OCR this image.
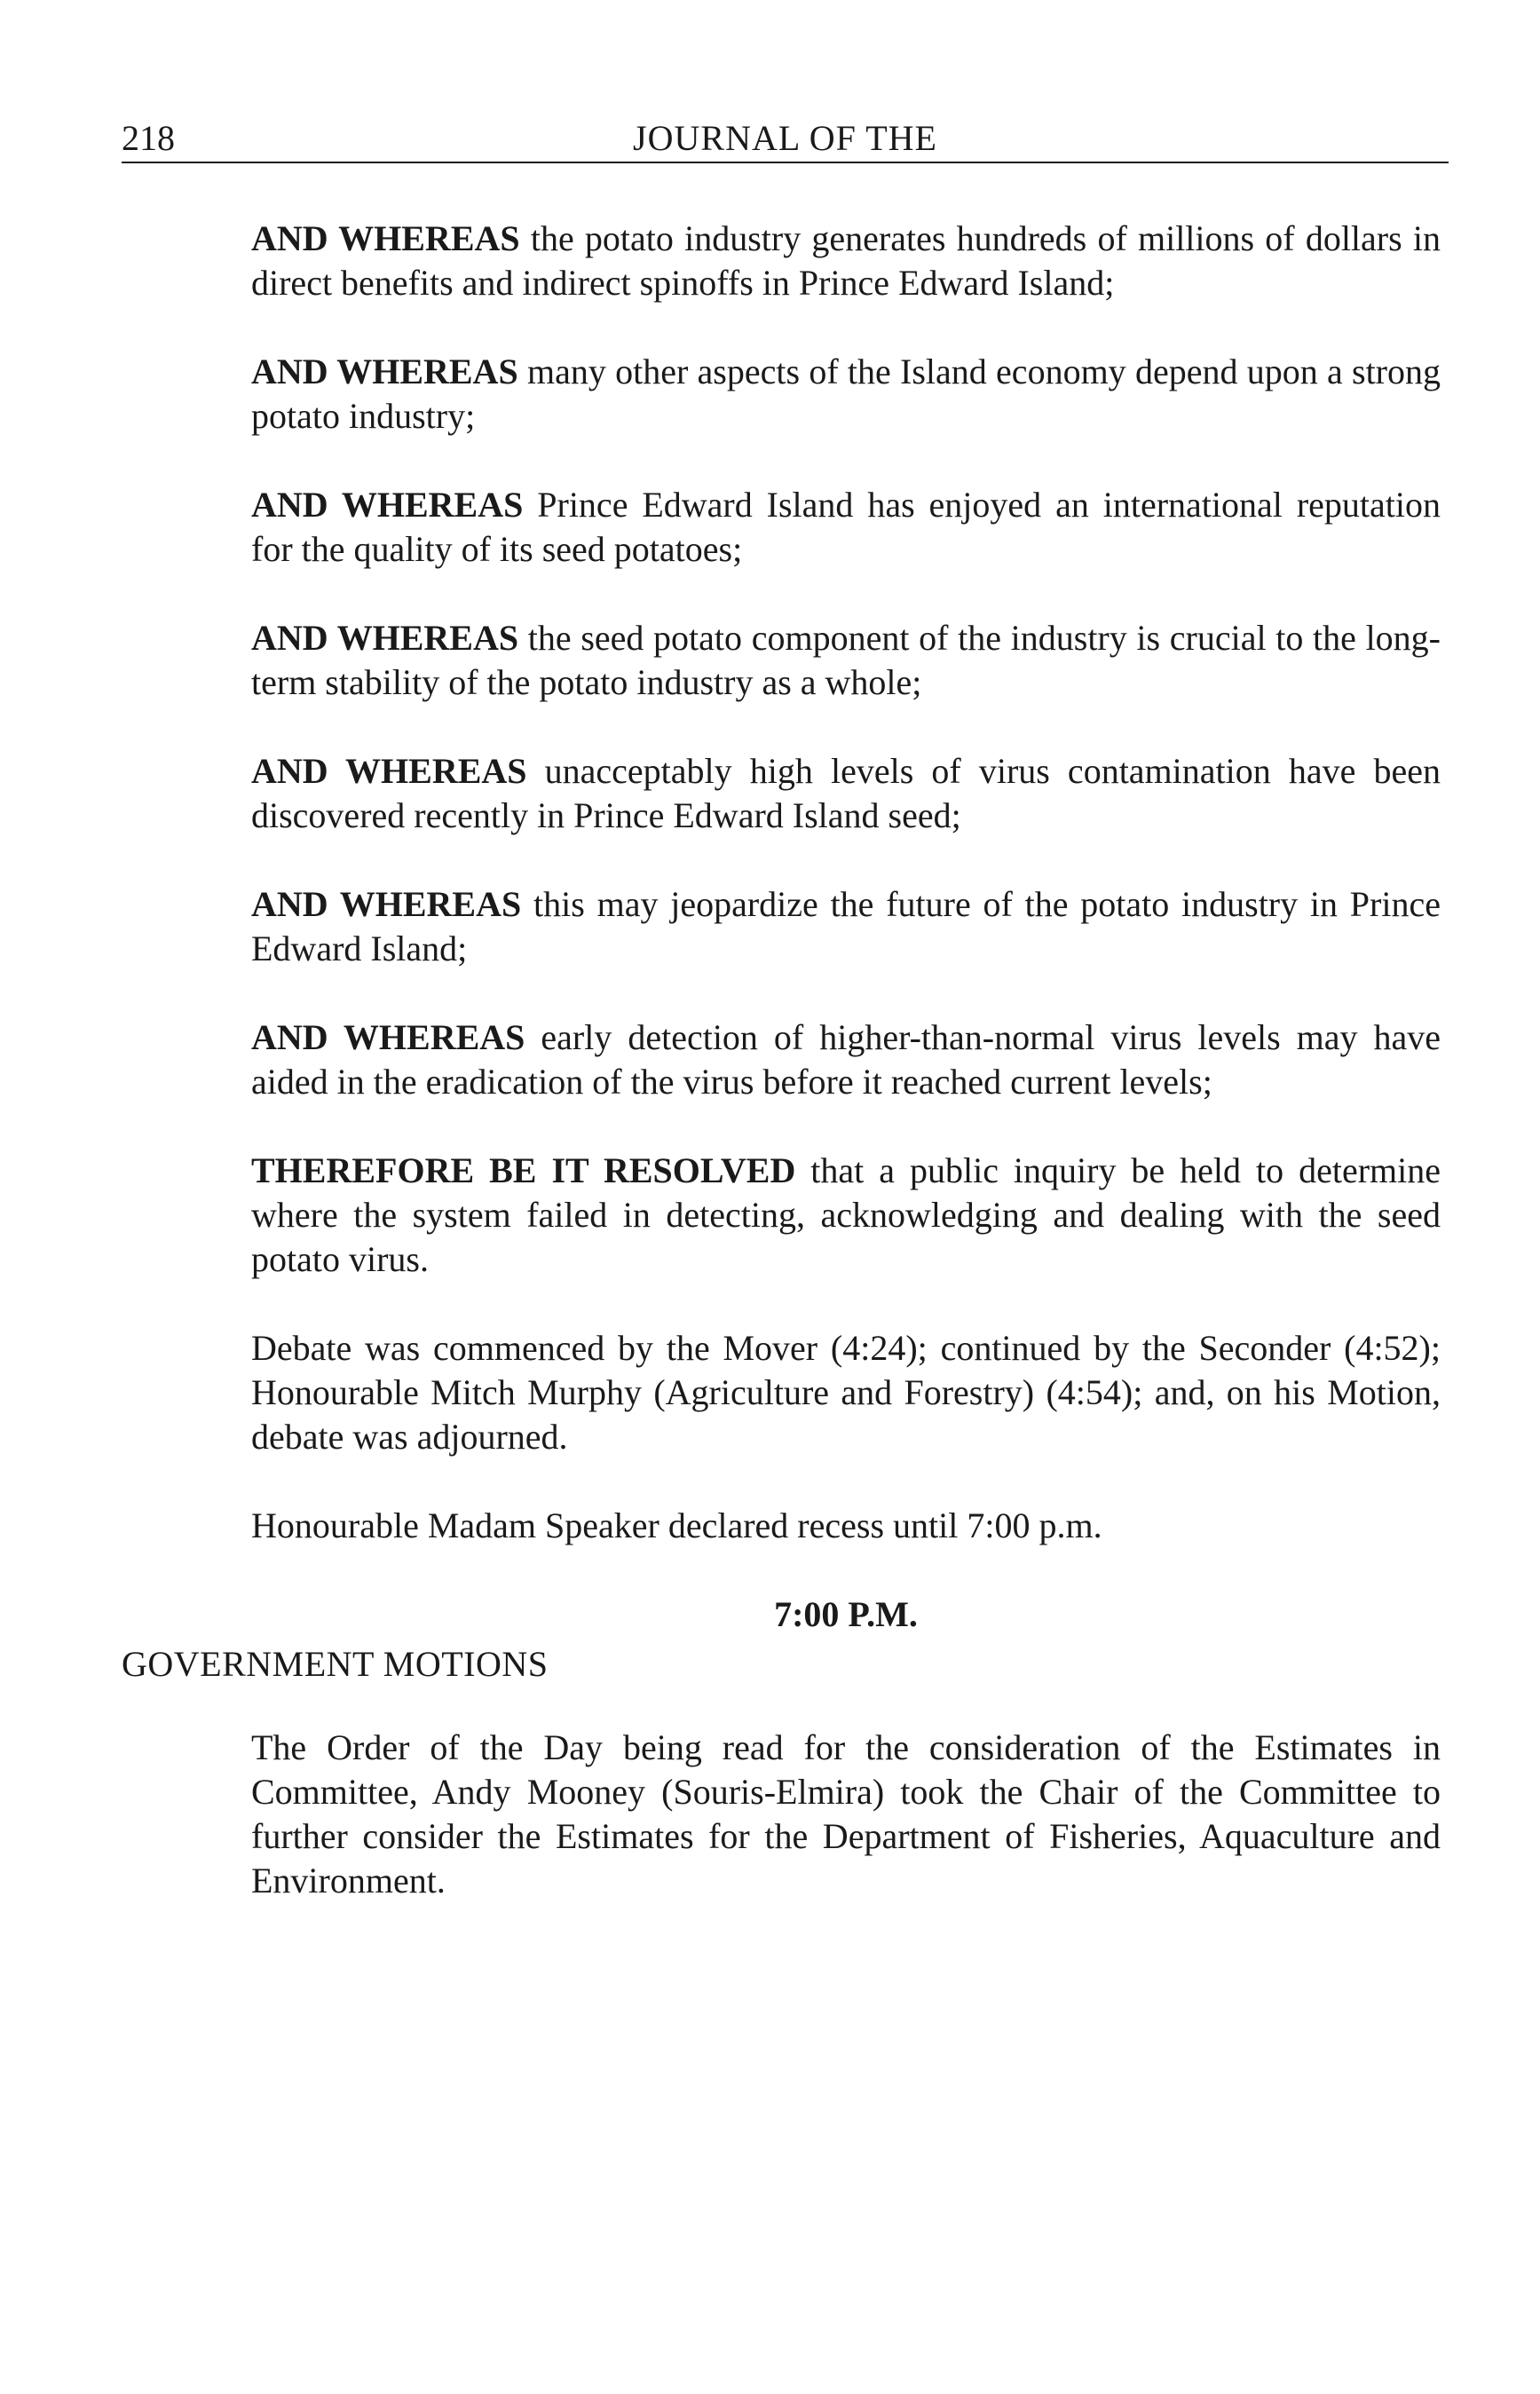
218	JOURNAL OF THE

AND WHEREAS the potato industry generates hundreds of millions of dollars in direct benefits and indirect spinoffs in Prince Edward Island;

AND WHEREAS many other aspects of the Island economy depend upon a strong potato industry;

AND WHEREAS Prince Edward Island has enjoyed an international reputation for the quality of its seed potatoes;

AND WHEREAS the seed potato component of the industry is crucial to the long-term stability of the potato industry as a whole;

AND WHEREAS unacceptably high levels of virus contamination have been discovered recently in Prince Edward Island seed;

AND WHEREAS this may jeopardize the future of the potato industry in Prince Edward Island;

AND WHEREAS early detection of higher-than-normal virus levels may have aided in the eradication of the virus before it reached current levels;

THEREFORE BE IT RESOLVED that a public inquiry be held to determine where the system failed in detecting, acknowledging and dealing with the seed potato virus.

Debate was commenced by the Mover (4:24); continued by the Seconder (4:52); Honourable Mitch Murphy (Agriculture and Forestry) (4:54); and, on his Motion, debate was adjourned.

Honourable Madam Speaker declared recess until 7:00 p.m.

7:00 P.M.
GOVERNMENT MOTIONS

The Order of the Day being read for the consideration of the Estimates in Committee, Andy Mooney (Souris-Elmira) took the Chair of the Committee to further consider the Estimates for the Department of Fisheries, Aquaculture and Environment.
